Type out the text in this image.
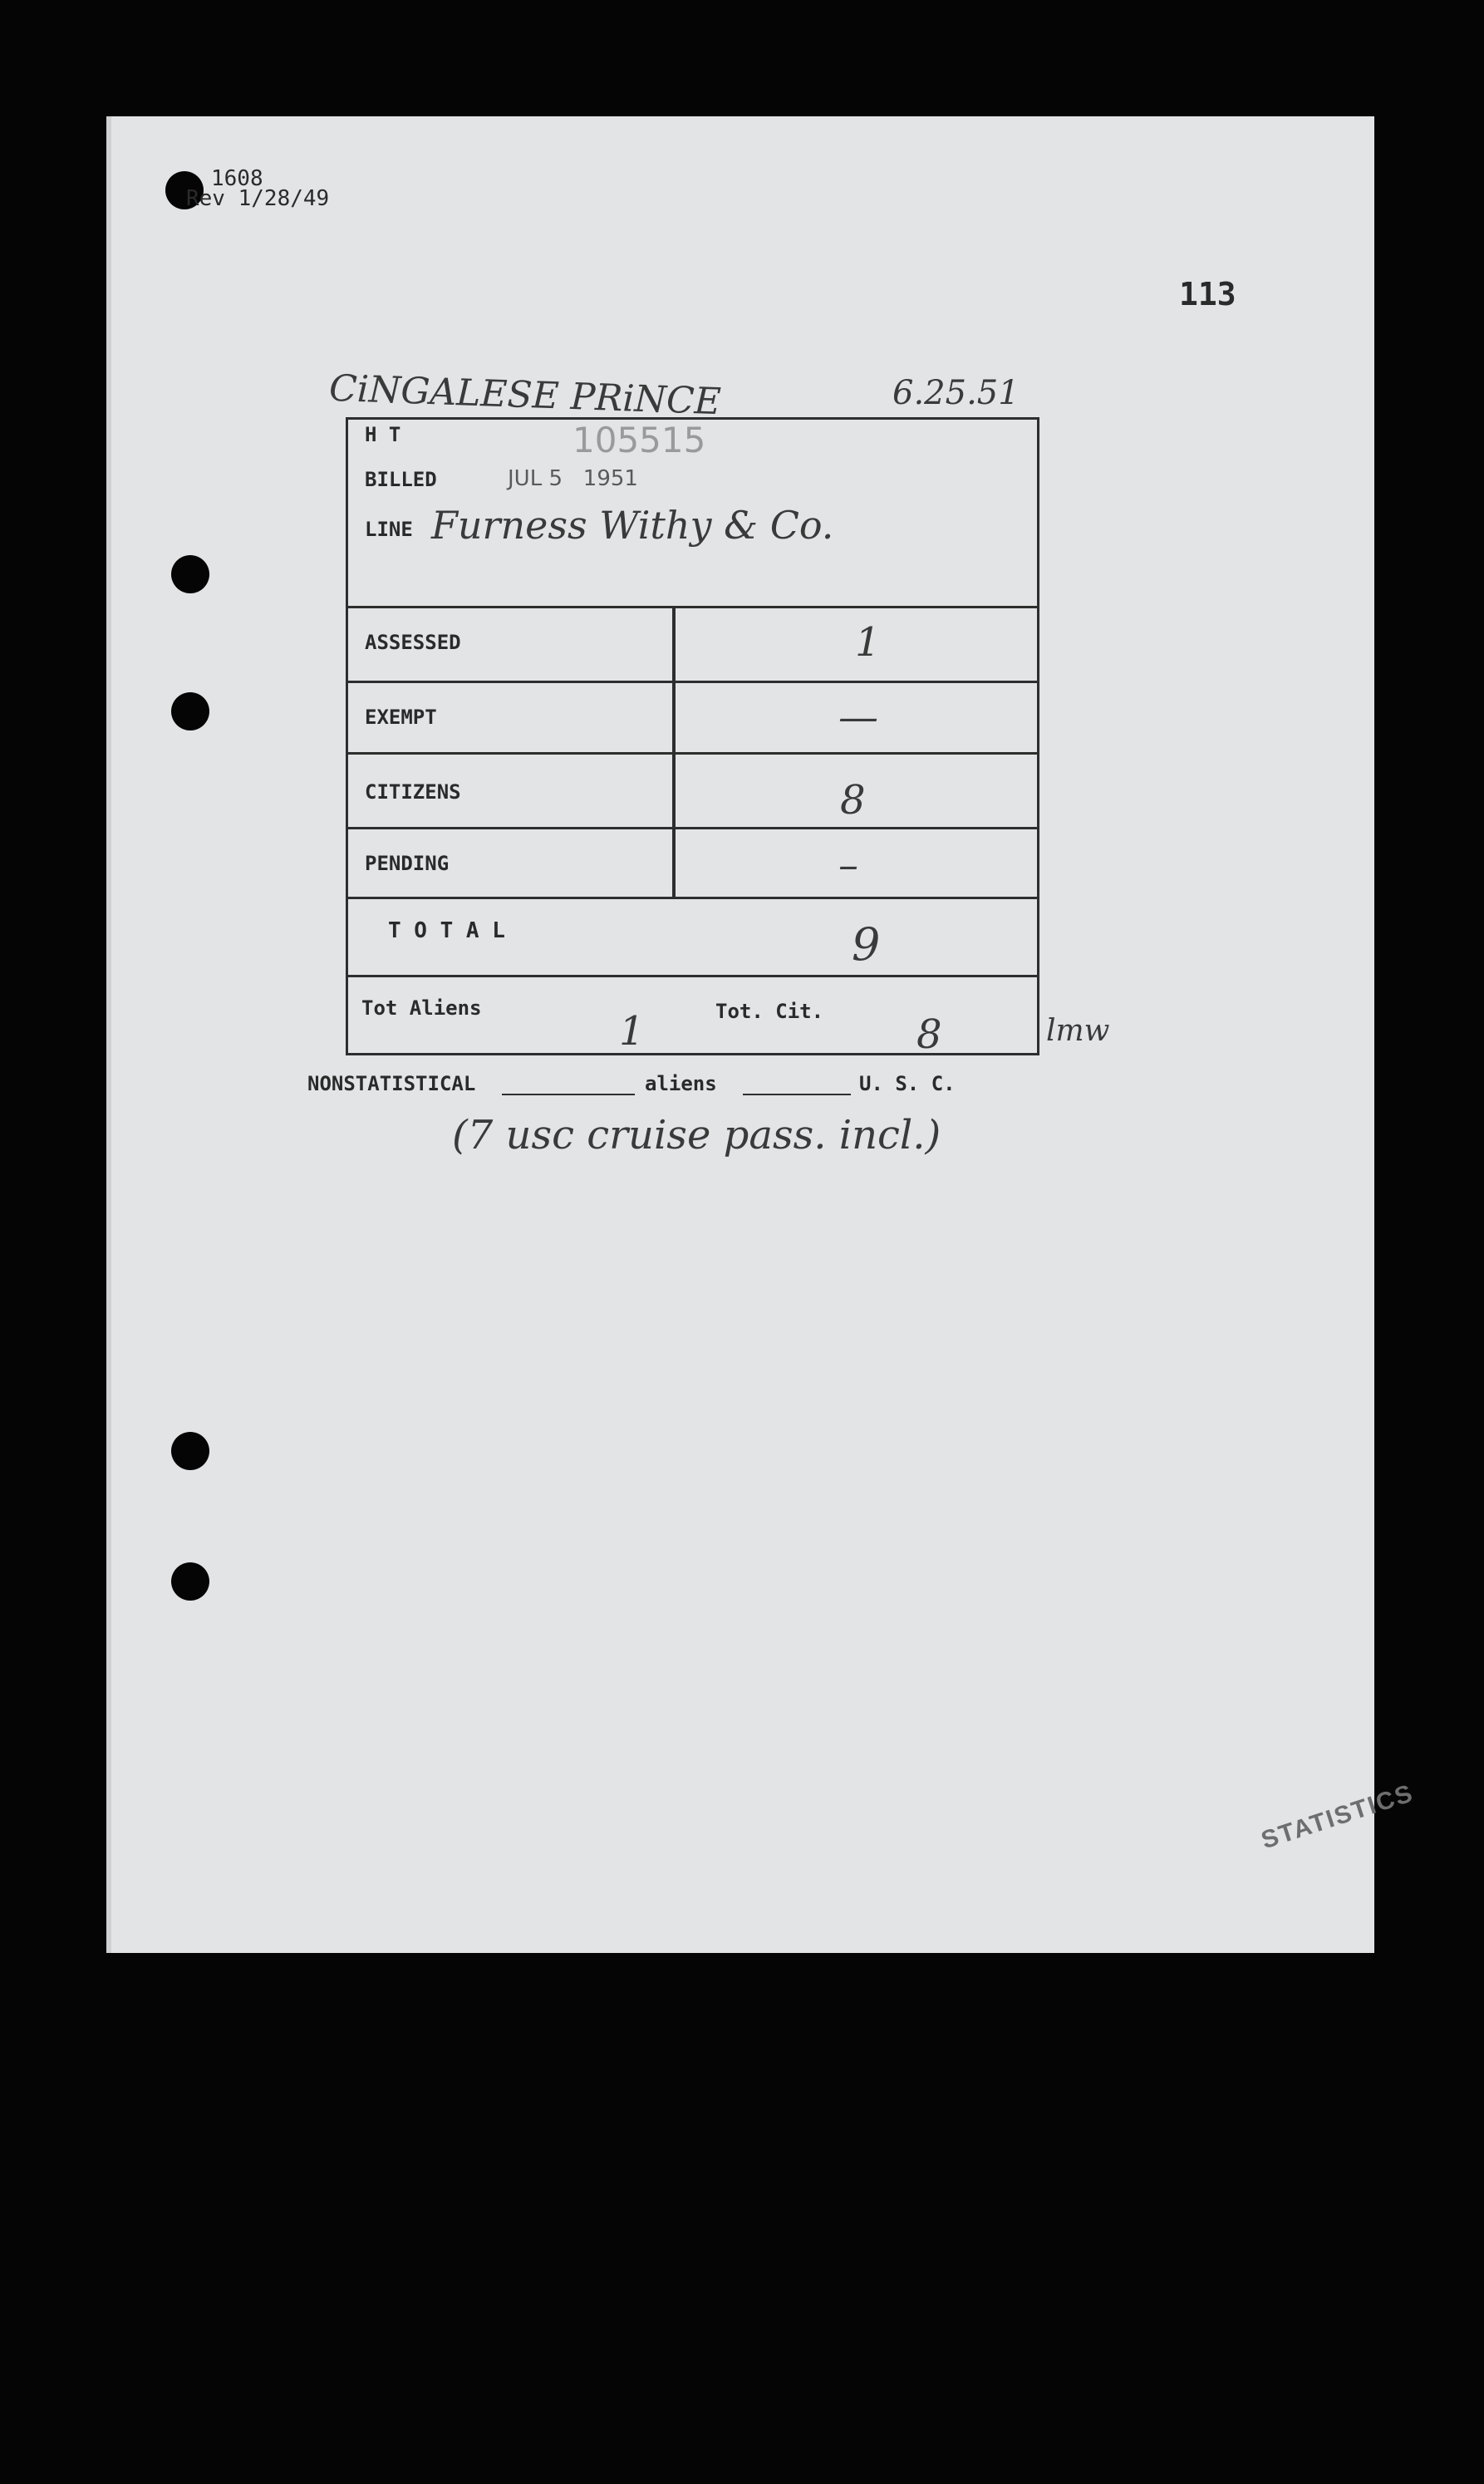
1608
Rev 1/28/49
113
CiNGALESE PRiNCE	6.25.51
H T	105515
BILLED	JUL 5   1951
LINE Furness Withy & Co.
ASSESSED	1
EXEMPT	—
CITIZENS	8
PENDING	–
T O T A L	9
Tot Aliens	1	Tot. Cit. 8	lmw
NONSTATISTICAL	aliens	U. S. C.
(7 usc cruise pass. incl.)
STATISTICS
